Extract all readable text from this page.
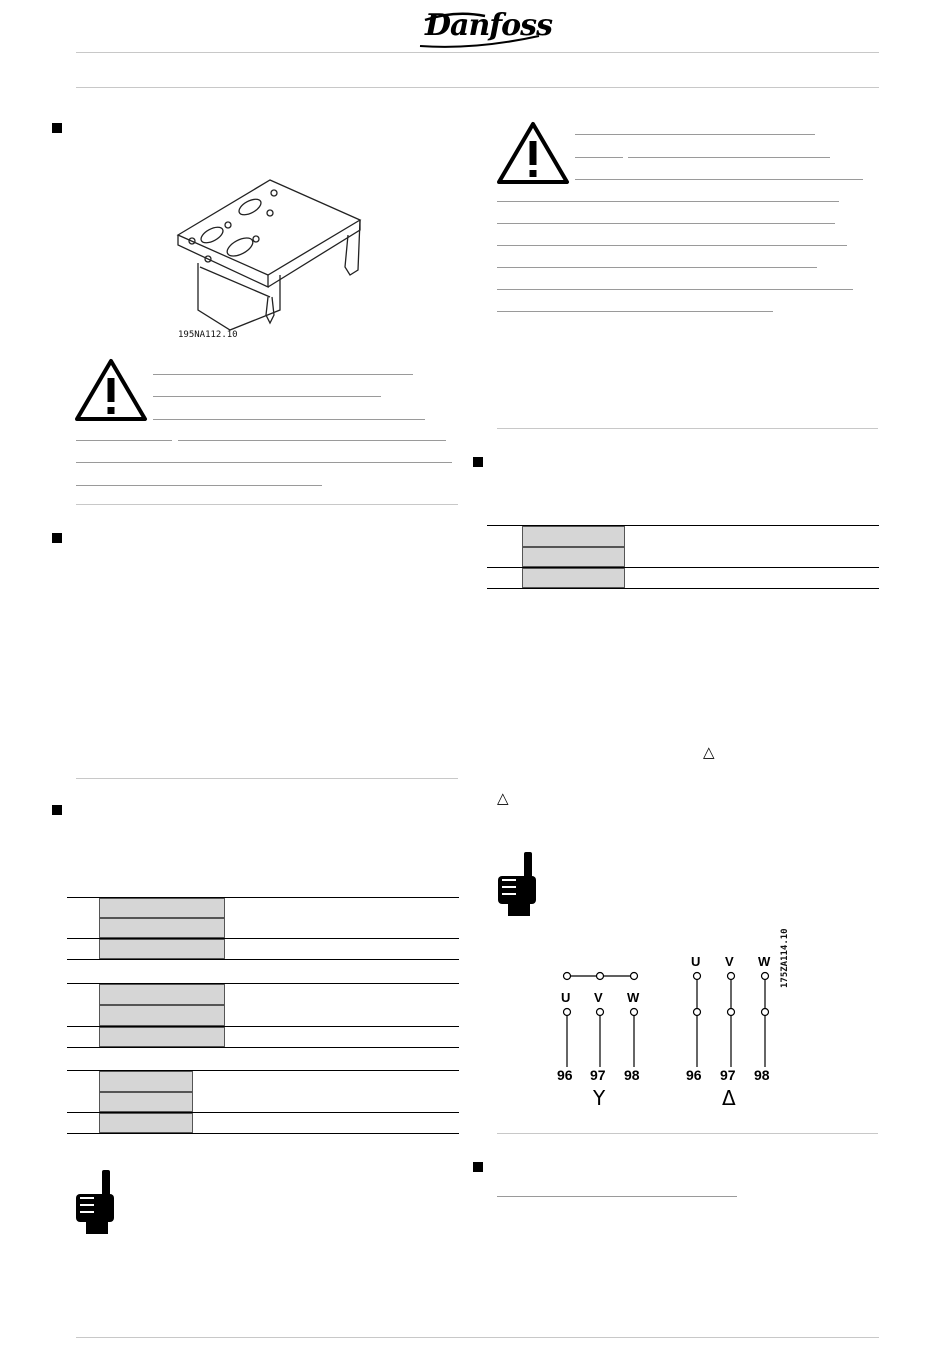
Danfoss
195NA112.10
△
△
U V W
96 97 98
Y
U V W
96 97 98
Δ
175ZA114.10
